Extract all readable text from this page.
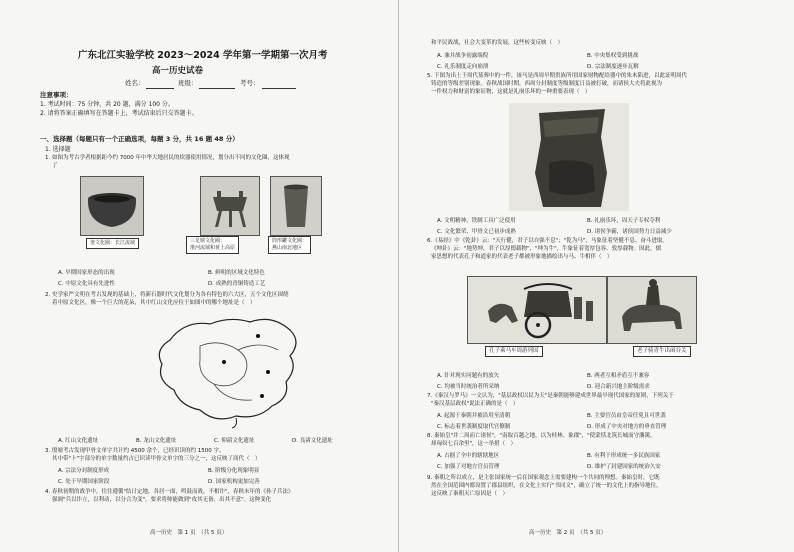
广东北江实验学校 2023～2024 学年第一学期第一次月考
高一历史试卷
姓名：	班级：	考号：
注意事项：
1. 考试时间：75 分钟，共 20 题，满分 100 分。
2. 请将答案正确填写在答题卡上，考试结束后只交答题卡。
一、选择题（每题只有一个正确选项，每题 3 分，共 16 题 48 分）
1. 选择题
1. 如图为考古学者根据距今约 7000 年中华大地居民的炊器使用情况，划分出不同的文化圈，这体现
了
釜文化圈：长江流域	三足鼎文化圈：
淮河流域和黄土高原
筒形罐文化圈：
燕山南北地区
A. 早期国家形态的出现	B. 鲜明的区域文化特色
C. 中原文化具有先进性	D. 成熟的青铜铸造工艺
2. 史学家严文明在考古发现的基础上，将新石器时代文化划分为各有特色的六大区，五个文化区围绕
着中原文化区，像一个巨大的花朵，其中红山文化应位于如图中的哪个地址是（　）
A. 红山文化遗址	B. 龙山文化遗址	C. 仰韶文化遗址	D. 良渚文化遗址
3. 殷墟考古发现甲骨文单字共计约 4500 余个，已经识读的约 1500 字。
其中带"卜"字部分的单字数量约占已识读甲骨文单字的三分之一，这反映了商代（　）
A. 宗法分封制度形成	B. 阶级分化现象明显
C. 处于早期国家阶段	D. 国家机构更加完善
4. 春秋初期的战争中，往往遵循"结日定地，各居一面，鸣鼓而战，不相诈"，春秋末年的《孙子兵法》
强调"兵以诈立，以利动，以分合为变"，要求将帅能做到"攻其无备，出其不意"。这种变化
高一历史　第 1 页　（共 5 页）
和平民战战，社会大变革的发展，这些转变反映（　）
A. 兼并战争初露端倪	B. 中央集权受到挑战
C. 礼乐制度走向崩溃	D. 宗法制度逐步瓦解
5. 下图为出土于周代墓葬中的一件，该马是西周早期贵族所用国家财物配给器中的朱木陷进，以此证明周代
铸造的等级差别现象。春秋战国时期，西周分封制度等级制度日益被打破，而诸侯大夫将此视为
一件权力和财富的象征物，这就是礼崩乐坏的一种重要表现（　）
A. 文明精神，铁制工具广泛使用	B. 礼崩乐坏，周天子专权夺利
C. 文化繁荣，甲骨文已初步成熟	D. 诸侯争霸，诸侯国势力日益减少
6.《易经》中《乾卦》云："天行健，君子以自强不息"；"乾为马"，马象征着坚健不息、奋斗进取。
《坤卦》云："地势坤，君子以厚德载物"，"坤为牛"，牛象征着宽厚包容、敦厚载物。因此，儒
家思想的代表孔子和道家的代表老子都被形象地描绘出与马、牛相伴（　）
孔子乘马车周游列国	老子骑青牛出函谷关
A. 针对现实问题有的放矢	B. 两者互相矛盾互不兼容
C. 均被当时统治者所采纳	D. 迎合新兴地主阶级需求
7.《秦汉与罗马》一文认为，"基层政权以民为天"是秦朝能够建成世界最早现代国家的原则，下列关于
"秦汉基层政权"说法正确的是（　）
A. 起源于秦朝并被沿用至清朝	B. 主要官员由皇帝任免且可世袭
C. 标志着世袭制度取代官僚制	D. 形成了中央对地方的垂直管理
8. 秦始皇"并二周而亡诸侯"，"南取百越之地，以为桂林、象郡"，"使蒙恬北筑长城而守藩篱，
却匈奴七百余里"，这一举措（　）
A. 占据了全中的辖辖地区	B. 有利于形成统一多民族国家
C. 加强了对地方官员管理	D. 维护了封建国家的统治久安
9. 秦朝之所以成立，是主张国家统一后在国家观念上需要建构一个共同的理想。秦始皇时，它既
然在全国范围内都设置了郡县组织，在文化上实行"书同文"，确立了统一的文化上的指导地位，
这反映了秦朝灭亡原因是（　）
高一历史　第 2 页　（共 5 页）
